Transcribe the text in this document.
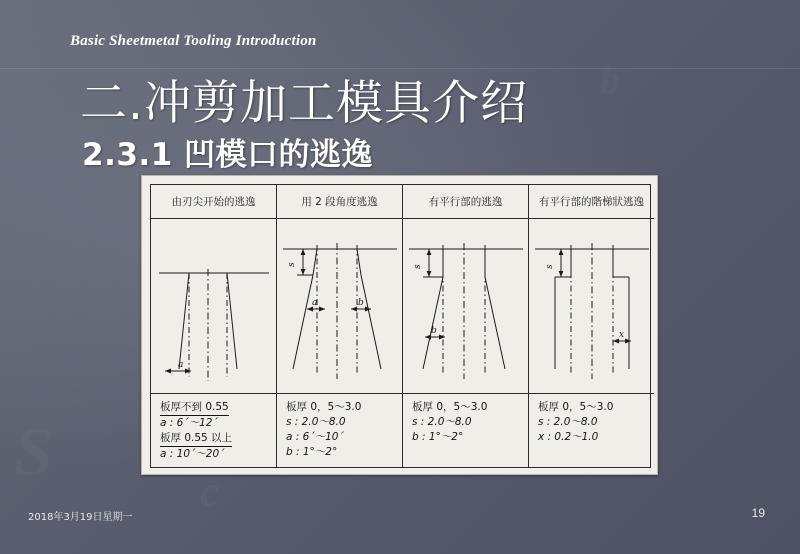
S
c
b
Basic Sheetmetal Tooling Introduction
二.冲剪加工模具介绍
2.3.1 凹模口的逃逸
由刃尖开始的逃逸
a
板厚不到 0.55
a : 6´～12´
板厚 0.55 以上
a : 10´～20´
用 2 段角度逃逸
s
a	b
板厚 0，5～3.0
s : 2.0～8.0
a : 6´～10´
b : 1°～2°
有平行部的逃逸
s
b
板厚 0，5～3.0
s : 2.0～8.0
b : 1°～2°
有平行部的階梯狀逃逸
s
x
板厚 0，5～3.0
s : 2.0～8.0
x : 0.2～1.0
2018年3月19日星期一	19
